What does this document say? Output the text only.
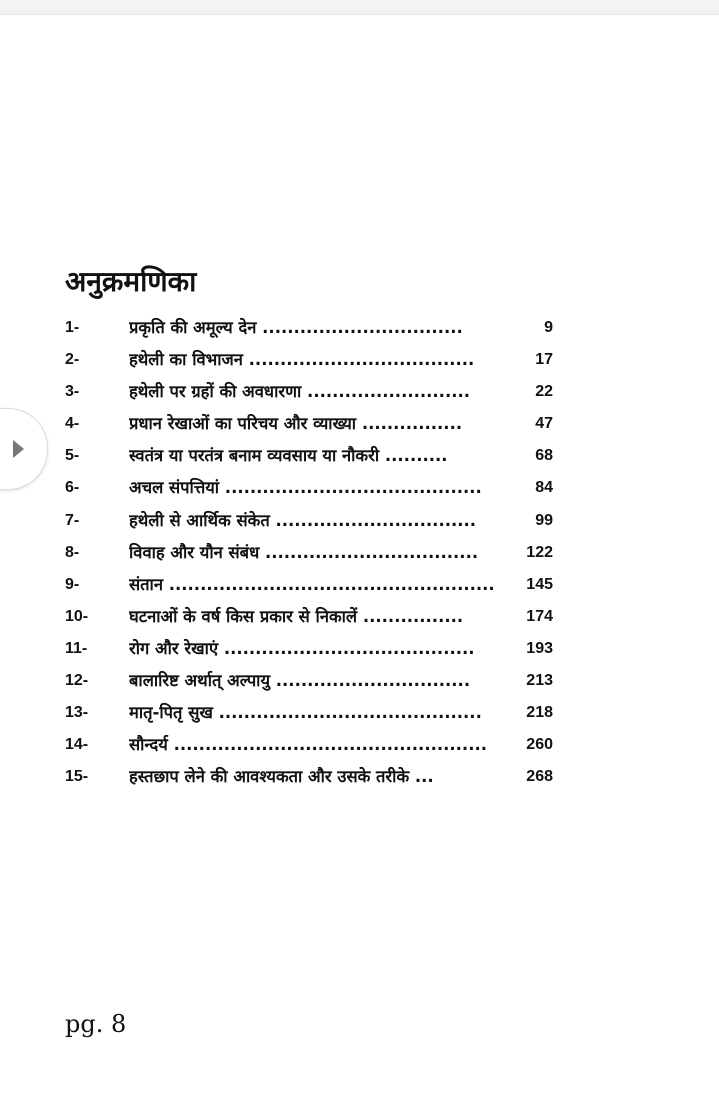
अनुक्रमणिका
1-	प्रकृति की अमूल्य देन ................................	9
2-	हथेली का विभाजन ....................................	17
3-	हथेली पर ग्रहों की अवधारणा ..........................	22
4-	प्रधान रेखाओं का परिचय और व्याख्या ................	47
5-	स्वतंत्र या परतंत्र बनाम व्यवसाय या नौकरी ..........	68
6-	अचल संपत्तियां .........................................	84
7-	हथेली से आर्थिक संकेत ................................	99
8-	विवाह और यौन संबंध ..................................	122
9-	संतान ....................................................	145
10- घटनाओं के वर्ष किस प्रकार से निकालें ................	174
11-	रोग और रेखाएं ........................................	193
12- बालारिष्ट अर्थात् अल्पायु ...............................	213
13- मातृ-पितृ सुख ..........................................	218
14- सौन्दर्य ..................................................	260
15- हस्तछाप लेने की आवश्यकता और उसके तरीके ...	268
pg. 8
